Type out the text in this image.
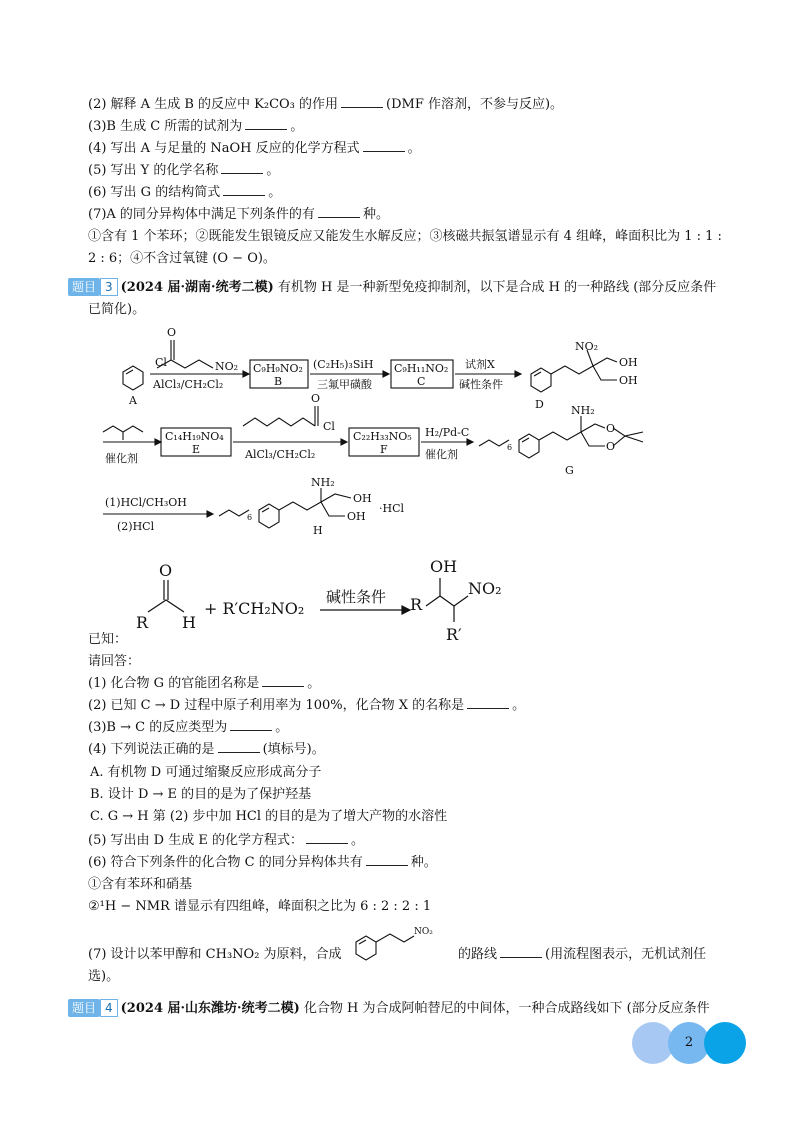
(2) 解释 A 生成 B 的反应中 K₂CO₃ 的作用	(DMF 作溶剂，不参与反应)。
(3)B 生成 C 所需的试剂为	。
(4) 写出 A 与足量的 NaOH 反应的化学方程式	。
(5) 写出 Y 的化学名称	。
(6) 写出 G 的结构简式	。
(7)A 的同分异构体中满足下列条件的有	种。
①含有 1 个苯环；②既能发生银镜反应又能发生水解反应；③核磁共振氢谱显示有 4 组峰，峰面积比为 1 : 1 :
2 : 6；④不含过氧键 (O − O)。
题目 3 (2024 届·湖南·统考二模) 有机物 H 是一种新型免疫抑制剂，以下是合成 H 的一种路线 (部分反应条件
已简化)。
A
O
Cl	NO₂
AlCl₃/CH₂Cl₂
C₉H₉NO₂
B
(C₂H₅)₃SiH
三氟甲磺酸
C₉H₁₁NO₂
C
试剂X
碱性条件
NO₂
OH
OH
D
催化剂
C₁₄H₁₉NO₄
E
O
Cl
AlCl₃/CH₂Cl₂
C₂₂H₃₃NO₅
F
H₂/Pd-C
催化剂
6
NH₂
O
O
G
(1)HCl/CH₃OH
(2)HCl
6
NH₂
OH
OH
·HCl
H
O
R H
+ R′CH₂NO₂
碱性条件 R
OH
NO₂
R′
已知：
请回答：
(1) 化合物 G 的官能团名称是	。
(2) 已知 C → D 过程中原子利用率为 100%，化合物 X 的名称是	。
(3)B → C 的反应类型为	。
(4) 下列说法正确的是	(填标号)。
A. 有机物 D 可通过缩聚反应形成高分子
B. 设计 D → E 的目的是为了保护羟基
C. G → H 第 (2) 步中加 HCl 的目的是为了增大产物的水溶性
(5) 写出由 D 生成 E 的化学方程式：	。
(6) 符合下列条件的化合物 C 的同分异构体共有	种。
①含有苯环和硝基
②¹H − NMR 谱显示有四组峰，峰面积之比为 6 : 2 : 2 : 1
(7) 设计以苯甲醇和 CH₃NO₂ 为原料，合成
NO₂
的路线	(用流程图表示，无机试剂任
选)。
题目 4 (2024 届·山东潍坊·统考二模) 化合物 H 为合成阿帕替尼的中间体，一种合成路线如下 (部分反应条件
2
